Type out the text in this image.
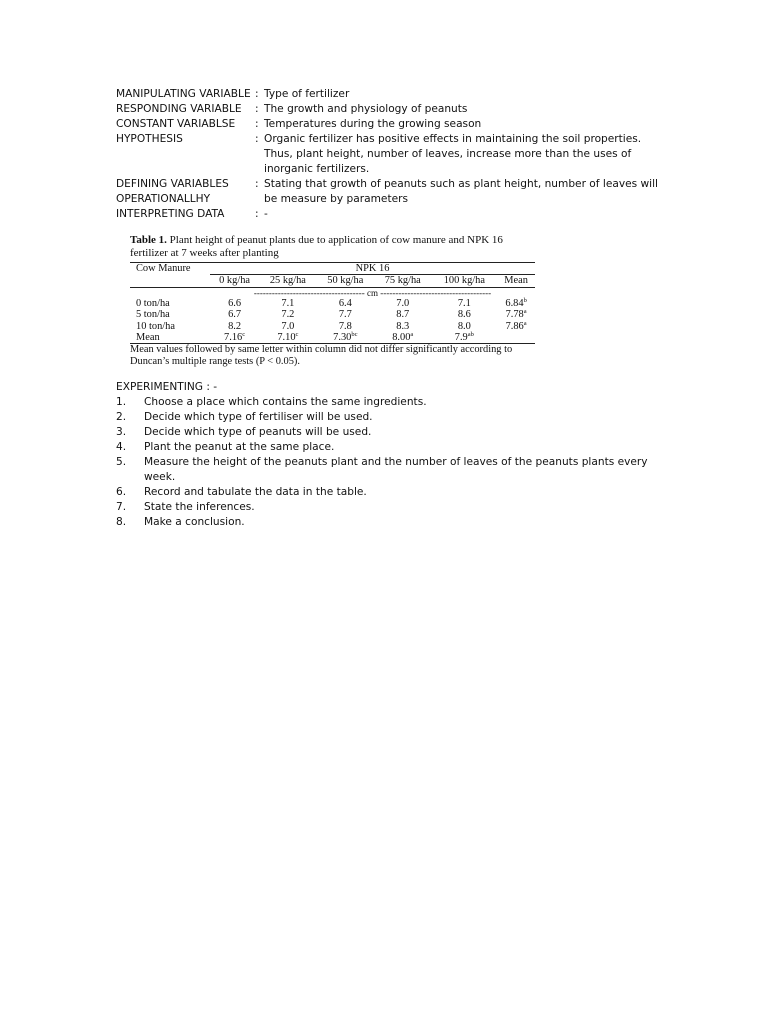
MANIPULATING VARIABLE : Type of fertilizer
RESPONDING VARIABLE	: The growth and physiology of peanuts
CONSTANT VARIABLSE	: Temperatures during the growing season
HYPOTHESIS	: Organic fertilizer has positive effects in maintaining the soil properties. Thus, plant height, number of leaves, increase more than the uses of inorganic fertilizers.
DEFINING VARIABLES	: Stating that growth of peanuts such as plant height, number of leaves will
OPERATIONALLHY	be measure by parameters
INTERPRETING DATA	: -
Table 1. Plant height of peanut plants due to application of cow manure and NPK 16 fertilizer at 7 weeks after planting
Cow Manure	NPK 16					
	0 kg/ha	25 kg/ha	50 kg/ha	75 kg/ha	100 kg/ha	Mean
	------------------------------------- cm -------------------------------------					
0 ton/ha	6.6	7.1	6.4	7.0	7.1	6.84$^b$
5 ton/ha	6.7	7.2	7.7	8.7	8.6	7.78$^a$
10 ton/ha	8.2	7.0	7.8	8.3	8.0	7.86$^a$
Mean	7.16$^c$	7.10$^c$	7.30$^{bc}$	8.00$^a$	7.9$^{ab}$	
Mean values followed by same letter within column did not differ significantly according to Duncan’s multiple range tests (P < 0.05).
EXPERIMENTING : -
1.	Choose a place which contains the same ingredients.
2.	Decide which type of fertiliser will be used.
3.	Decide which type of peanuts will be used.
4.	Plant the peanut at the same place.
5.	Measure the height of the peanuts plant and the number of leaves of the peanuts plants every week.
6.	Record and tabulate the data in the table.
7.	State the inferences.
8.	Make a conclusion.
